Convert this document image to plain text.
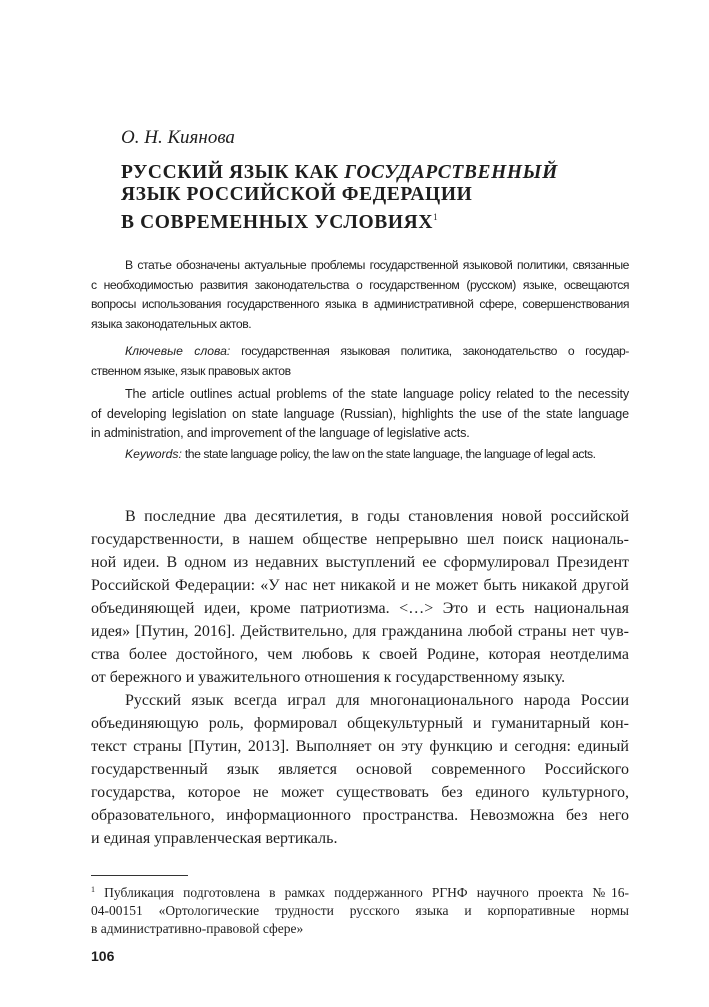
О. Н. Киянова
РУССКИЙ ЯЗЫК КАК ГОСУДАРСТВЕННЫЙ
ЯЗЫК РОССИЙСКОЙ ФЕДЕРАЦИИ
В СОВРЕМЕННЫХ УСЛОВИЯХ$^1$

В статье обозначены актуальные проблемы государственной языковой политики, связанные
с необходимостью развития законодательства о государственном (русском) языке, освещаются
вопросы использования государственного языка в административной сфере, совершенствования
языка законодательных актов.

Ключевые слова: государственная языковая политика, законодательство о государ-
ственном языке, язык правовых актов

The article outlines actual problems of the state language policy related to the necessity
of developing legislation on state language (Russian), highlights the use of the state language
in administration, and improvement of the language of legislative acts.

Keywords: the state language policy, the law on the state language, the language of legal acts.

В последние два десятилетия, в годы становления новой российской
государственности, в нашем обществе непрерывно шел поиск националь-
ной идеи. В одном из недавних выступлений ее сформулировал Президент
Российской Федерации: «У нас нет никакой и не может быть никакой другой
объединяющей идеи, кроме патриотизма. <…> Это и есть национальная
идея» [Путин, 2016]. Действительно, для гражданина любой страны нет чув-
ства более достойного, чем любовь к своей Родине, которая неотделима
от бережного и уважительного отношения к государственному языку.

Русский язык всегда играл для многонационального народа России
объединяющую роль, формировал общекультурный и гуманитарный кон-
текст страны [Путин, 2013]. Выполняет он эту функцию и сегодня: единый
государственный язык является основой современного Российского
государства, которое не может существовать без единого культурного,
образовательного, информационного пространства. Невозможна без него
и единая управленческая вертикаль.

$^1$ Публикация подготовлена в рамках поддержанного РГНФ научного проекта №16-
04-00151 «Ортологические трудности русского языка и корпоративные нормы
в административно-правовой сфере»

106
